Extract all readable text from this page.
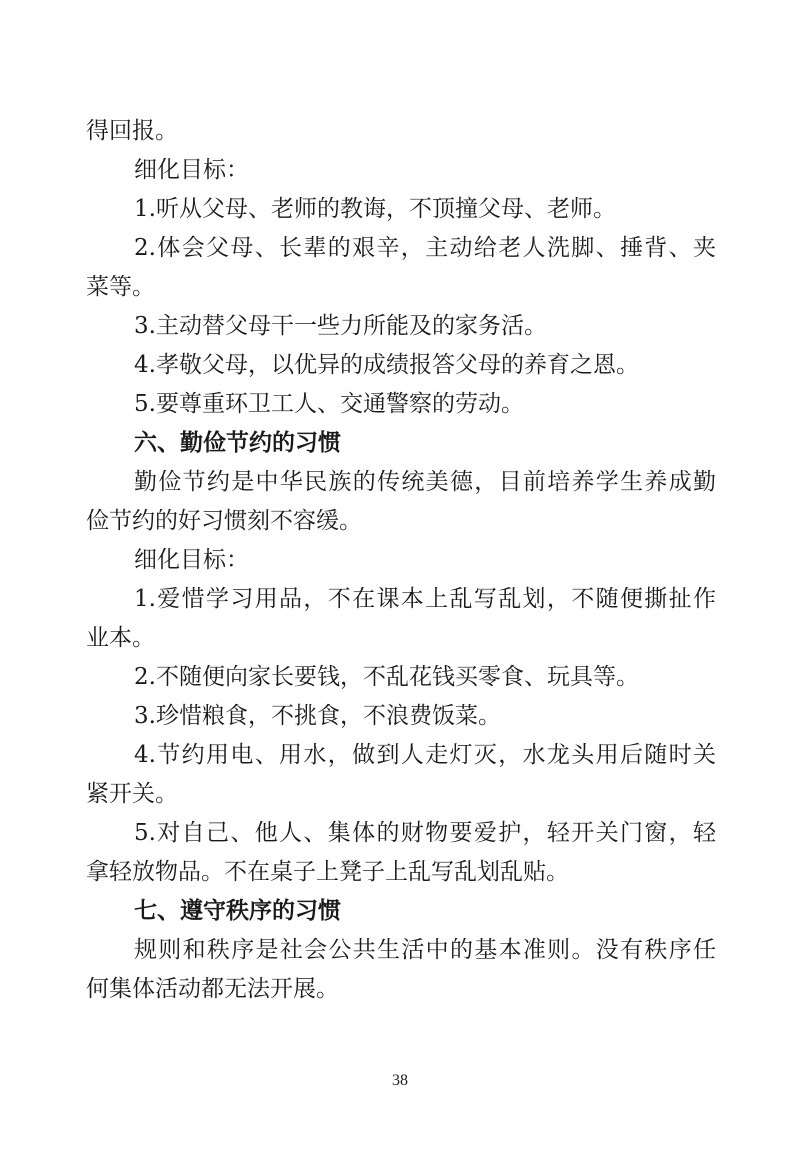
得回报。
细化目标：
1.听从父母、老师的教诲，不顶撞父母、老师。
2.体会父母、长辈的艰辛，主动给老人洗脚、捶背、夹
菜等。
3.主动替父母干一些力所能及的家务活。
4.孝敬父母，以优异的成绩报答父母的养育之恩。
5.要尊重环卫工人、交通警察的劳动。
六、勤俭节约的习惯
勤俭节约是中华民族的传统美德，目前培养学生养成勤
俭节约的好习惯刻不容缓。
细化目标：
1.爱惜学习用品，不在课本上乱写乱划，不随便撕扯作
业本。
2.不随便向家长要钱，不乱花钱买零食、玩具等。
3.珍惜粮食，不挑食，不浪费饭菜。
4.节约用电、用水，做到人走灯灭，水龙头用后随时关
紧开关。
5.对自己、他人、集体的财物要爱护，轻开关门窗，轻
拿轻放物品。不在桌子上凳子上乱写乱划乱贴。
七、遵守秩序的习惯
规则和秩序是社会公共生活中的基本准则。没有秩序任
何集体活动都无法开展。
38
